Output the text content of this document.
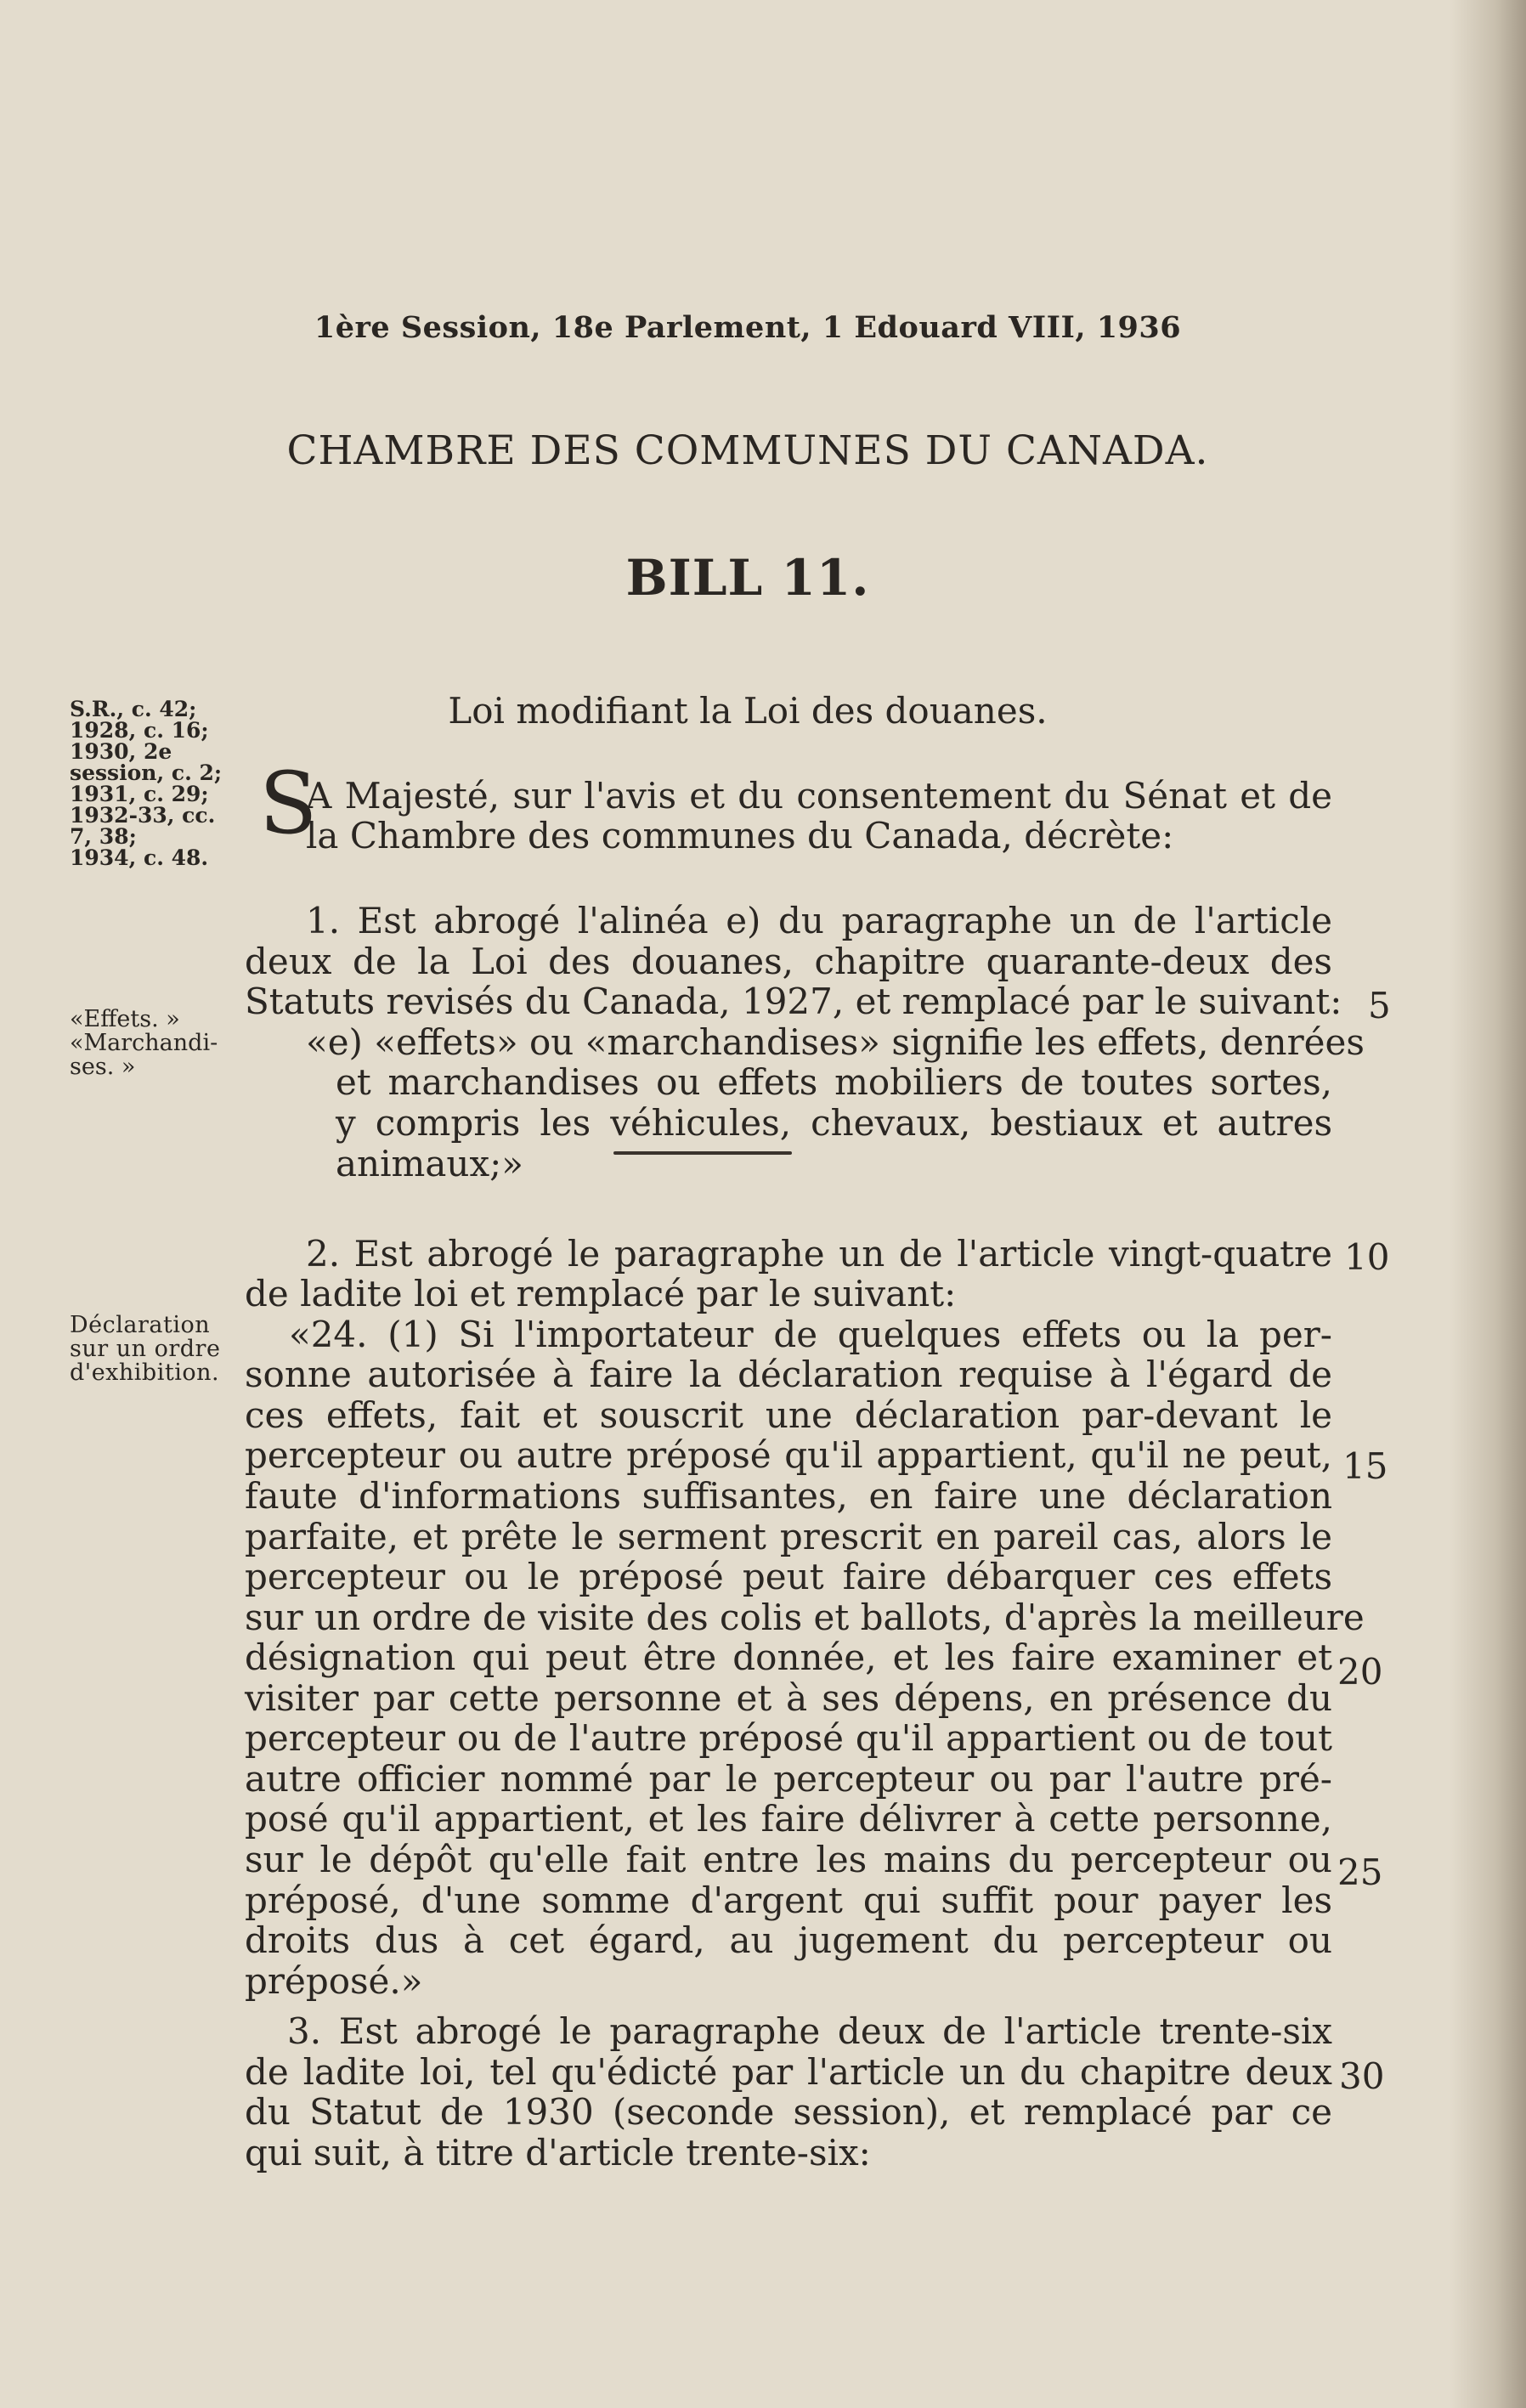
1ère Session, 18e Parlement, 1 Edouard VIII, 1936
CHAMBRE DES COMMUNES DU CANADA.
BILL 11.
Loi modifiant la Loi des douanes.
S.R., c. 42;
1928, c. 16;
1930, 2e
session, c. 2;
1931, c. 29;
1932-33, cc.
7, 38;
1934, c. 48.
«Effets. »
«Marchandi-
ses. »
Déclaration
sur un ordre
d'exhibition.
S
A Majesté, sur l'avis et du consentement du Sénat et de
la Chambre des communes du Canada, décrète:
1. Est abrogé l'alinéa e) du paragraphe un de l'article
deux de la Loi des douanes, chapitre quarante-deux des
Statuts revisés du Canada, 1927, et remplacé par le suivant:
«e) «effets» ou «marchandises» signifie les effets, denrées
et marchandises ou effets mobiliers de toutes sortes,
y compris les véhicules, chevaux, bestiaux et autres
animaux;»
2. Est abrogé le paragraphe un de l'article vingt-quatre
de ladite loi et remplacé par le suivant:
«24. (1) Si l'importateur de quelques effets ou la per-
sonne autorisée à faire la déclaration requise à l'égard de
ces effets, fait et souscrit une déclaration par-devant le
percepteur ou autre préposé qu'il appartient, qu'il ne peut,
faute d'informations suffisantes, en faire une déclaration
parfaite, et prête le serment prescrit en pareil cas, alors le
percepteur ou le préposé peut faire débarquer ces effets
sur un ordre de visite des colis et ballots, d'après la meilleure
désignation qui peut être donnée, et les faire examiner et
visiter par cette personne et à ses dépens, en présence du
percepteur ou de l'autre préposé qu'il appartient ou de tout
autre officier nommé par le percepteur ou par l'autre pré-
posé qu'il appartient, et les faire délivrer à cette personne,
sur le dépôt qu'elle fait entre les mains du percepteur ou
préposé, d'une somme d'argent qui suffit pour payer les
droits dus à cet égard, au jugement du percepteur ou
préposé.»
3. Est abrogé le paragraphe deux de l'article trente-six
de ladite loi, tel qu'édicté par l'article un du chapitre deux
du Statut de 1930 (seconde session), et remplacé par ce
qui suit, à titre d'article trente-six:
5
10
15
20
25
30
